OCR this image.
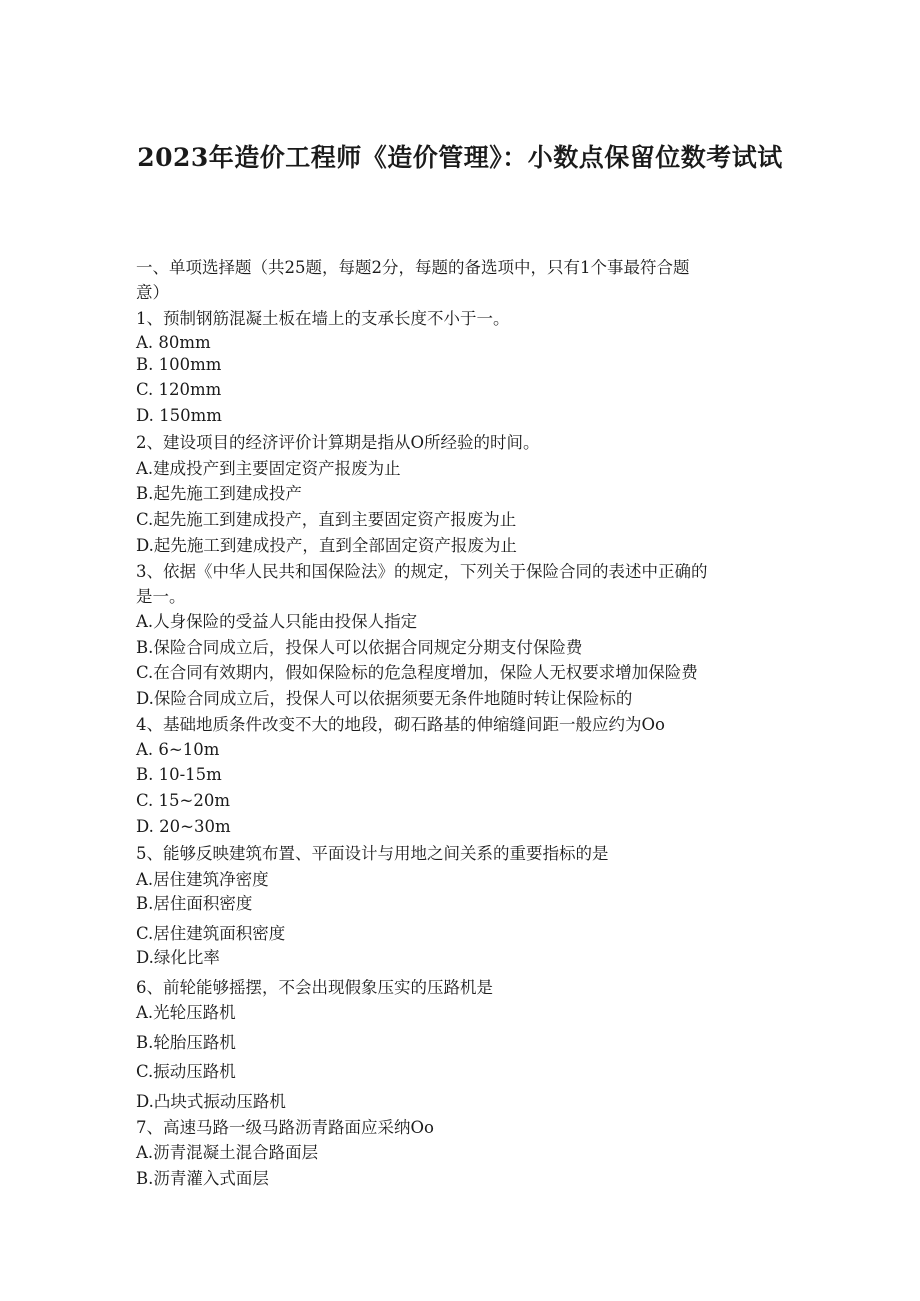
2023年造价工程师《造价管理》：小数点保留位数考试试
一、单项选择题（共25题，每题2分，每题的备选项中，只有1个事最符合题
意）
1、预制钢筋混凝土板在墙上的支承长度不小于一。
A. 80mm
B. 100mm
C. 120mm
D. 150mm
2、建设项目的经济评价计算期是指从O所经验的时间。
A.建成投产到主要固定资产报废为止
B.起先施工到建成投产
C.起先施工到建成投产，直到主要固定资产报废为止
D.起先施工到建成投产，直到全部固定资产报废为止
3、依据《中华人民共和国保险法》的规定，下列关于保险合同的表述中正确的
是一。
A.人身保险的受益人只能由投保人指定
B.保险合同成立后，投保人可以依据合同规定分期支付保险费
C.在合同有效期内，假如保险标的危急程度增加，保险人无权要求增加保险费
D.保险合同成立后，投保人可以依据须要无条件地随时转让保险标的
4、基础地质条件改变不大的地段，砌石路基的伸缩缝间距一般应约为Oo
A. 6~10m
B. 10-15m
C. 15~20m
D. 20~30m
5、能够反映建筑布置、平面设计与用地之间关系的重要指标的是
A.居住建筑净密度
B.居住面积密度
C.居住建筑面积密度
D.绿化比率
6、前轮能够摇摆，不会出现假象压实的压路机是
A.光轮压路机
B.轮胎压路机
C.振动压路机
D.凸块式振动压路机
7、高速马路一级马路沥青路面应采纳Oo
A.沥青混凝土混合路面层
B.沥青灌入式面层
